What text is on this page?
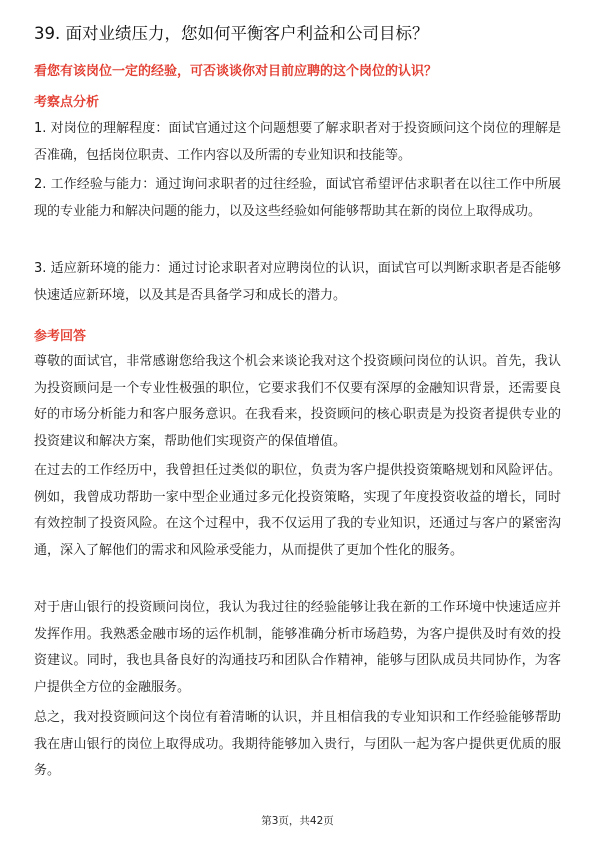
39. 面对业绩压力，您如何平衡客户利益和公司目标？
看您有该岗位一定的经验，可否谈谈你对目前应聘的这个岗位的认识？
考察点分析

1. 对岗位的理解程度：面试官通过这个问题想要了解求职者对于投资顾问这个岗位的理解是否准确，包括岗位职责、工作内容以及所需的专业知识和技能等。

2. 工作经验与能力：通过询问求职者的过往经验，面试官希望评估求职者在以往工作中所展现的专业能力和解决问题的能力，以及这些经验如何能够帮助其在新的岗位上取得成功。

3. 适应新环境的能力：通过讨论求职者对应聘岗位的认识，面试官可以判断求职者是否能够快速适应新环境，以及其是否具备学习和成长的潜力。

参考回答

尊敬的面试官，非常感谢您给我这个机会来谈论我对这个投资顾问岗位的认识。首先，我认为投资顾问是一个专业性极强的职位，它要求我们不仅要有深厚的金融知识背景，还需要良好的市场分析能力和客户服务意识。在我看来，投资顾问的核心职责是为投资者提供专业的投资建议和解决方案，帮助他们实现资产的保值增值。

在过去的工作经历中，我曾担任过类似的职位，负责为客户提供投资策略规划和风险评估。例如，我曾成功帮助一家中型企业通过多元化投资策略，实现了年度投资收益的增长，同时有效控制了投资风险。在这个过程中，我不仅运用了我的专业知识，还通过与客户的紧密沟通，深入了解他们的需求和风险承受能力，从而提供了更加个性化的服务。

对于唐山银行的投资顾问岗位，我认为我过往的经验能够让我在新的工作环境中快速适应并发挥作用。我熟悉金融市场的运作机制，能够准确分析市场趋势，为客户提供及时有效的投资建议。同时，我也具备良好的沟通技巧和团队合作精神，能够与团队成员共同协作，为客户提供全方位的金融服务。

总之，我对投资顾问这个岗位有着清晰的认识，并且相信我的专业知识和工作经验能够帮助我在唐山银行的岗位上取得成功。我期待能够加入贵行，与团队一起为客户提供更优质的服务。

第3页，共42页
